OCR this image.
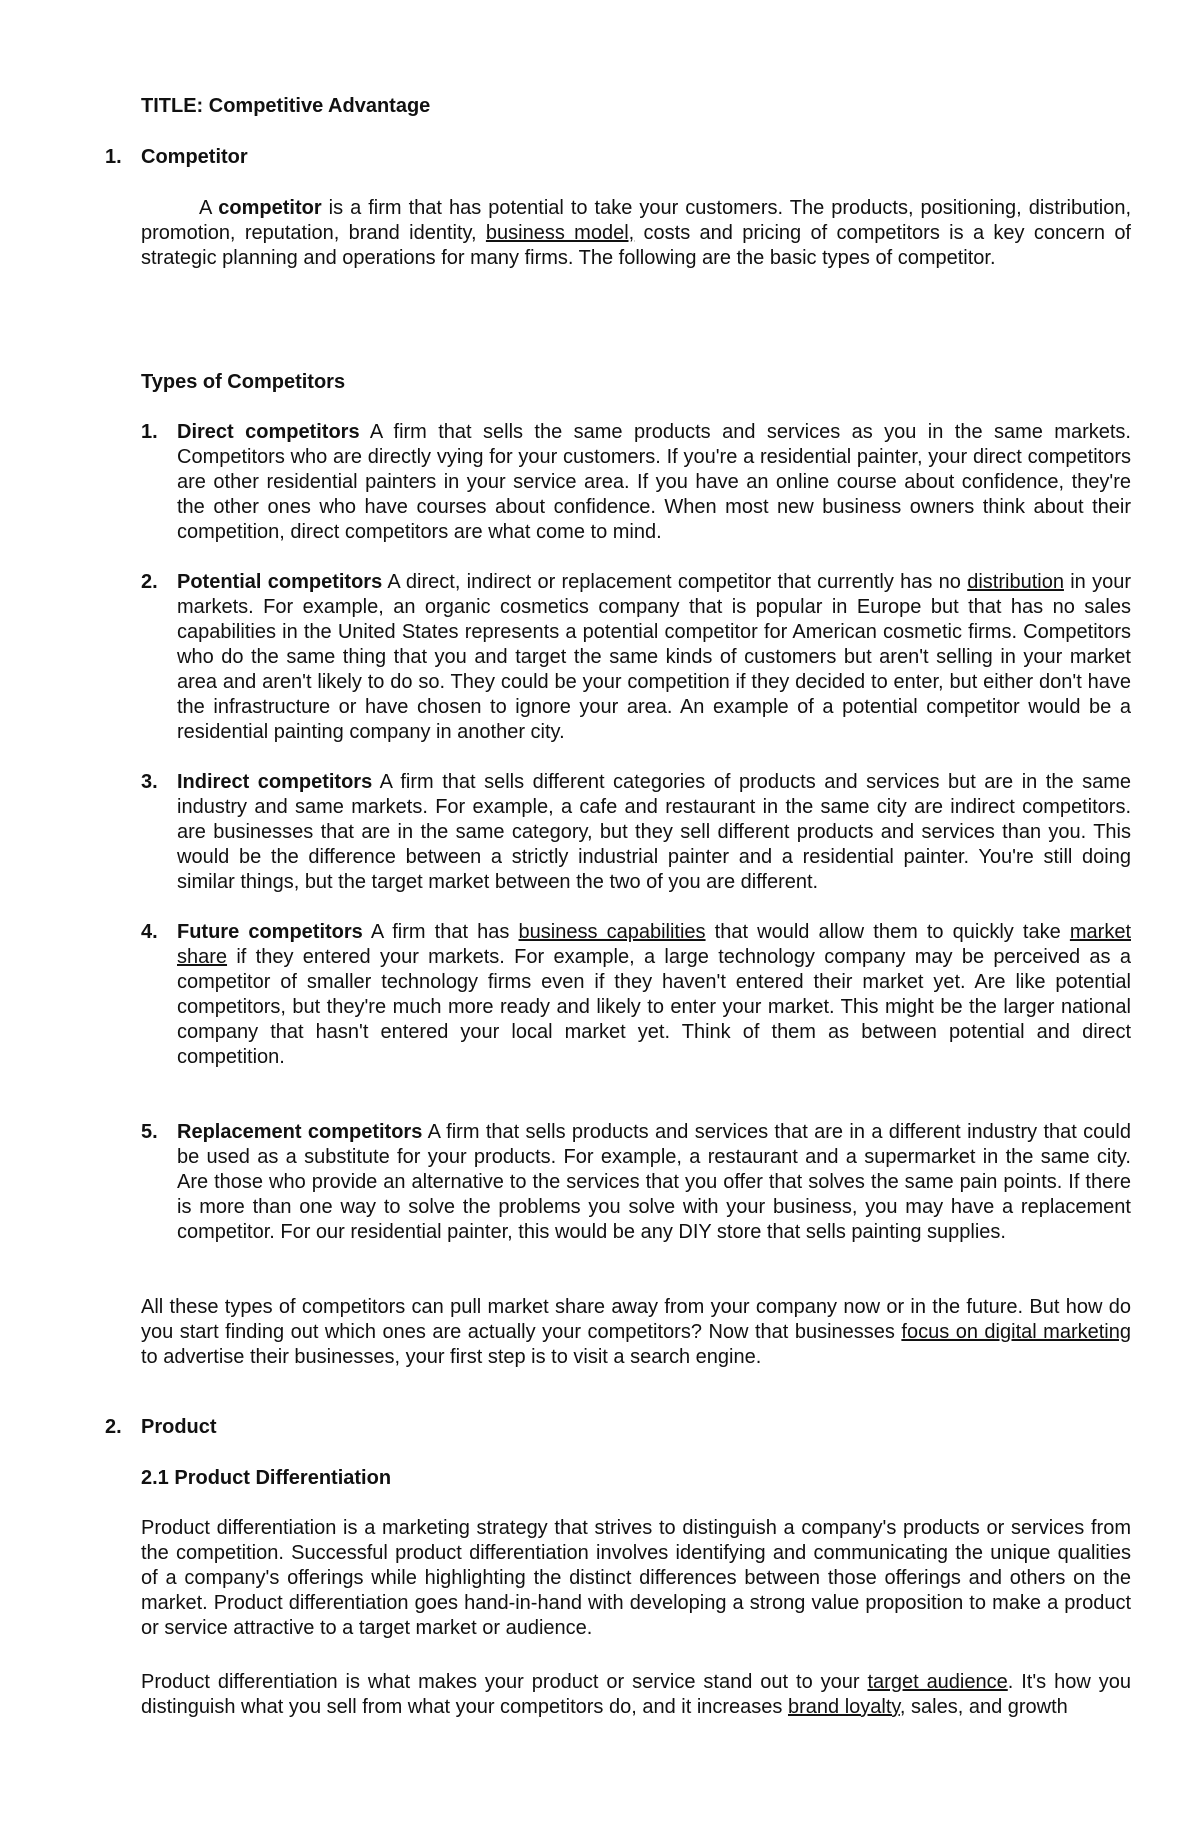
TITLE: Competitive Advantage
1. Competitor
A competitor is a firm that has potential to take your customers. The products, positioning, distribution, promotion, reputation, brand identity, business model, costs and pricing of competitors is a key concern of strategic planning and operations for many firms. The following are the basic types of competitor.
Types of Competitors
1. Direct competitors A firm that sells the same products and services as you in the same markets. Competitors who are directly vying for your customers. If you're a residential painter, your direct competitors are other residential painters in your service area. If you have an online course about confidence, they're the other ones who have courses about confidence. When most new business owners think about their competition, direct competitors are what come to mind.
2. Potential competitors A direct, indirect or replacement competitor that currently has no distribution in your markets. For example, an organic cosmetics company that is popular in Europe but that has no sales capabilities in the United States represents a potential competitor for American cosmetic firms. Competitors who do the same thing that you and target the same kinds of customers but aren't selling in your market area and aren't likely to do so. They could be your competition if they decided to enter, but either don't have the infrastructure or have chosen to ignore your area. An example of a potential competitor would be a residential painting company in another city.
3. Indirect competitors A firm that sells different categories of products and services but are in the same industry and same markets. For example, a cafe and restaurant in the same city are indirect competitors. are businesses that are in the same category, but they sell different products and services than you. This would be the difference between a strictly industrial painter and a residential painter. You're still doing similar things, but the target market between the two of you are different.
4. Future competitors A firm that has business capabilities that would allow them to quickly take market share if they entered your markets. For example, a large technology company may be perceived as a competitor of smaller technology firms even if they haven't entered their market yet. Are like potential competitors, but they're much more ready and likely to enter your market. This might be the larger national company that hasn't entered your local market yet. Think of them as between potential and direct competition.
5. Replacement competitors A firm that sells products and services that are in a different industry that could be used as a substitute for your products. For example, a restaurant and a supermarket in the same city. Are those who provide an alternative to the services that you offer that solves the same pain points. If there is more than one way to solve the problems you solve with your business, you may have a replacement competitor. For our residential painter, this would be any DIY store that sells painting supplies.
All these types of competitors can pull market share away from your company now or in the future. But how do you start finding out which ones are actually your competitors? Now that businesses focus on digital marketing to advertise their businesses, your first step is to visit a search engine.
2. Product
2.1 Product Differentiation
Product differentiation is a marketing strategy that strives to distinguish a company's products or services from the competition. Successful product differentiation involves identifying and communicating the unique qualities of a company's offerings while highlighting the distinct differences between those offerings and others on the market. Product differentiation goes hand-in-hand with developing a strong value proposition to make a product or service attractive to a target market or audience.
Product differentiation is what makes your product or service stand out to your target audience. It's how you distinguish what you sell from what your competitors do, and it increases brand loyalty, sales, and growth
